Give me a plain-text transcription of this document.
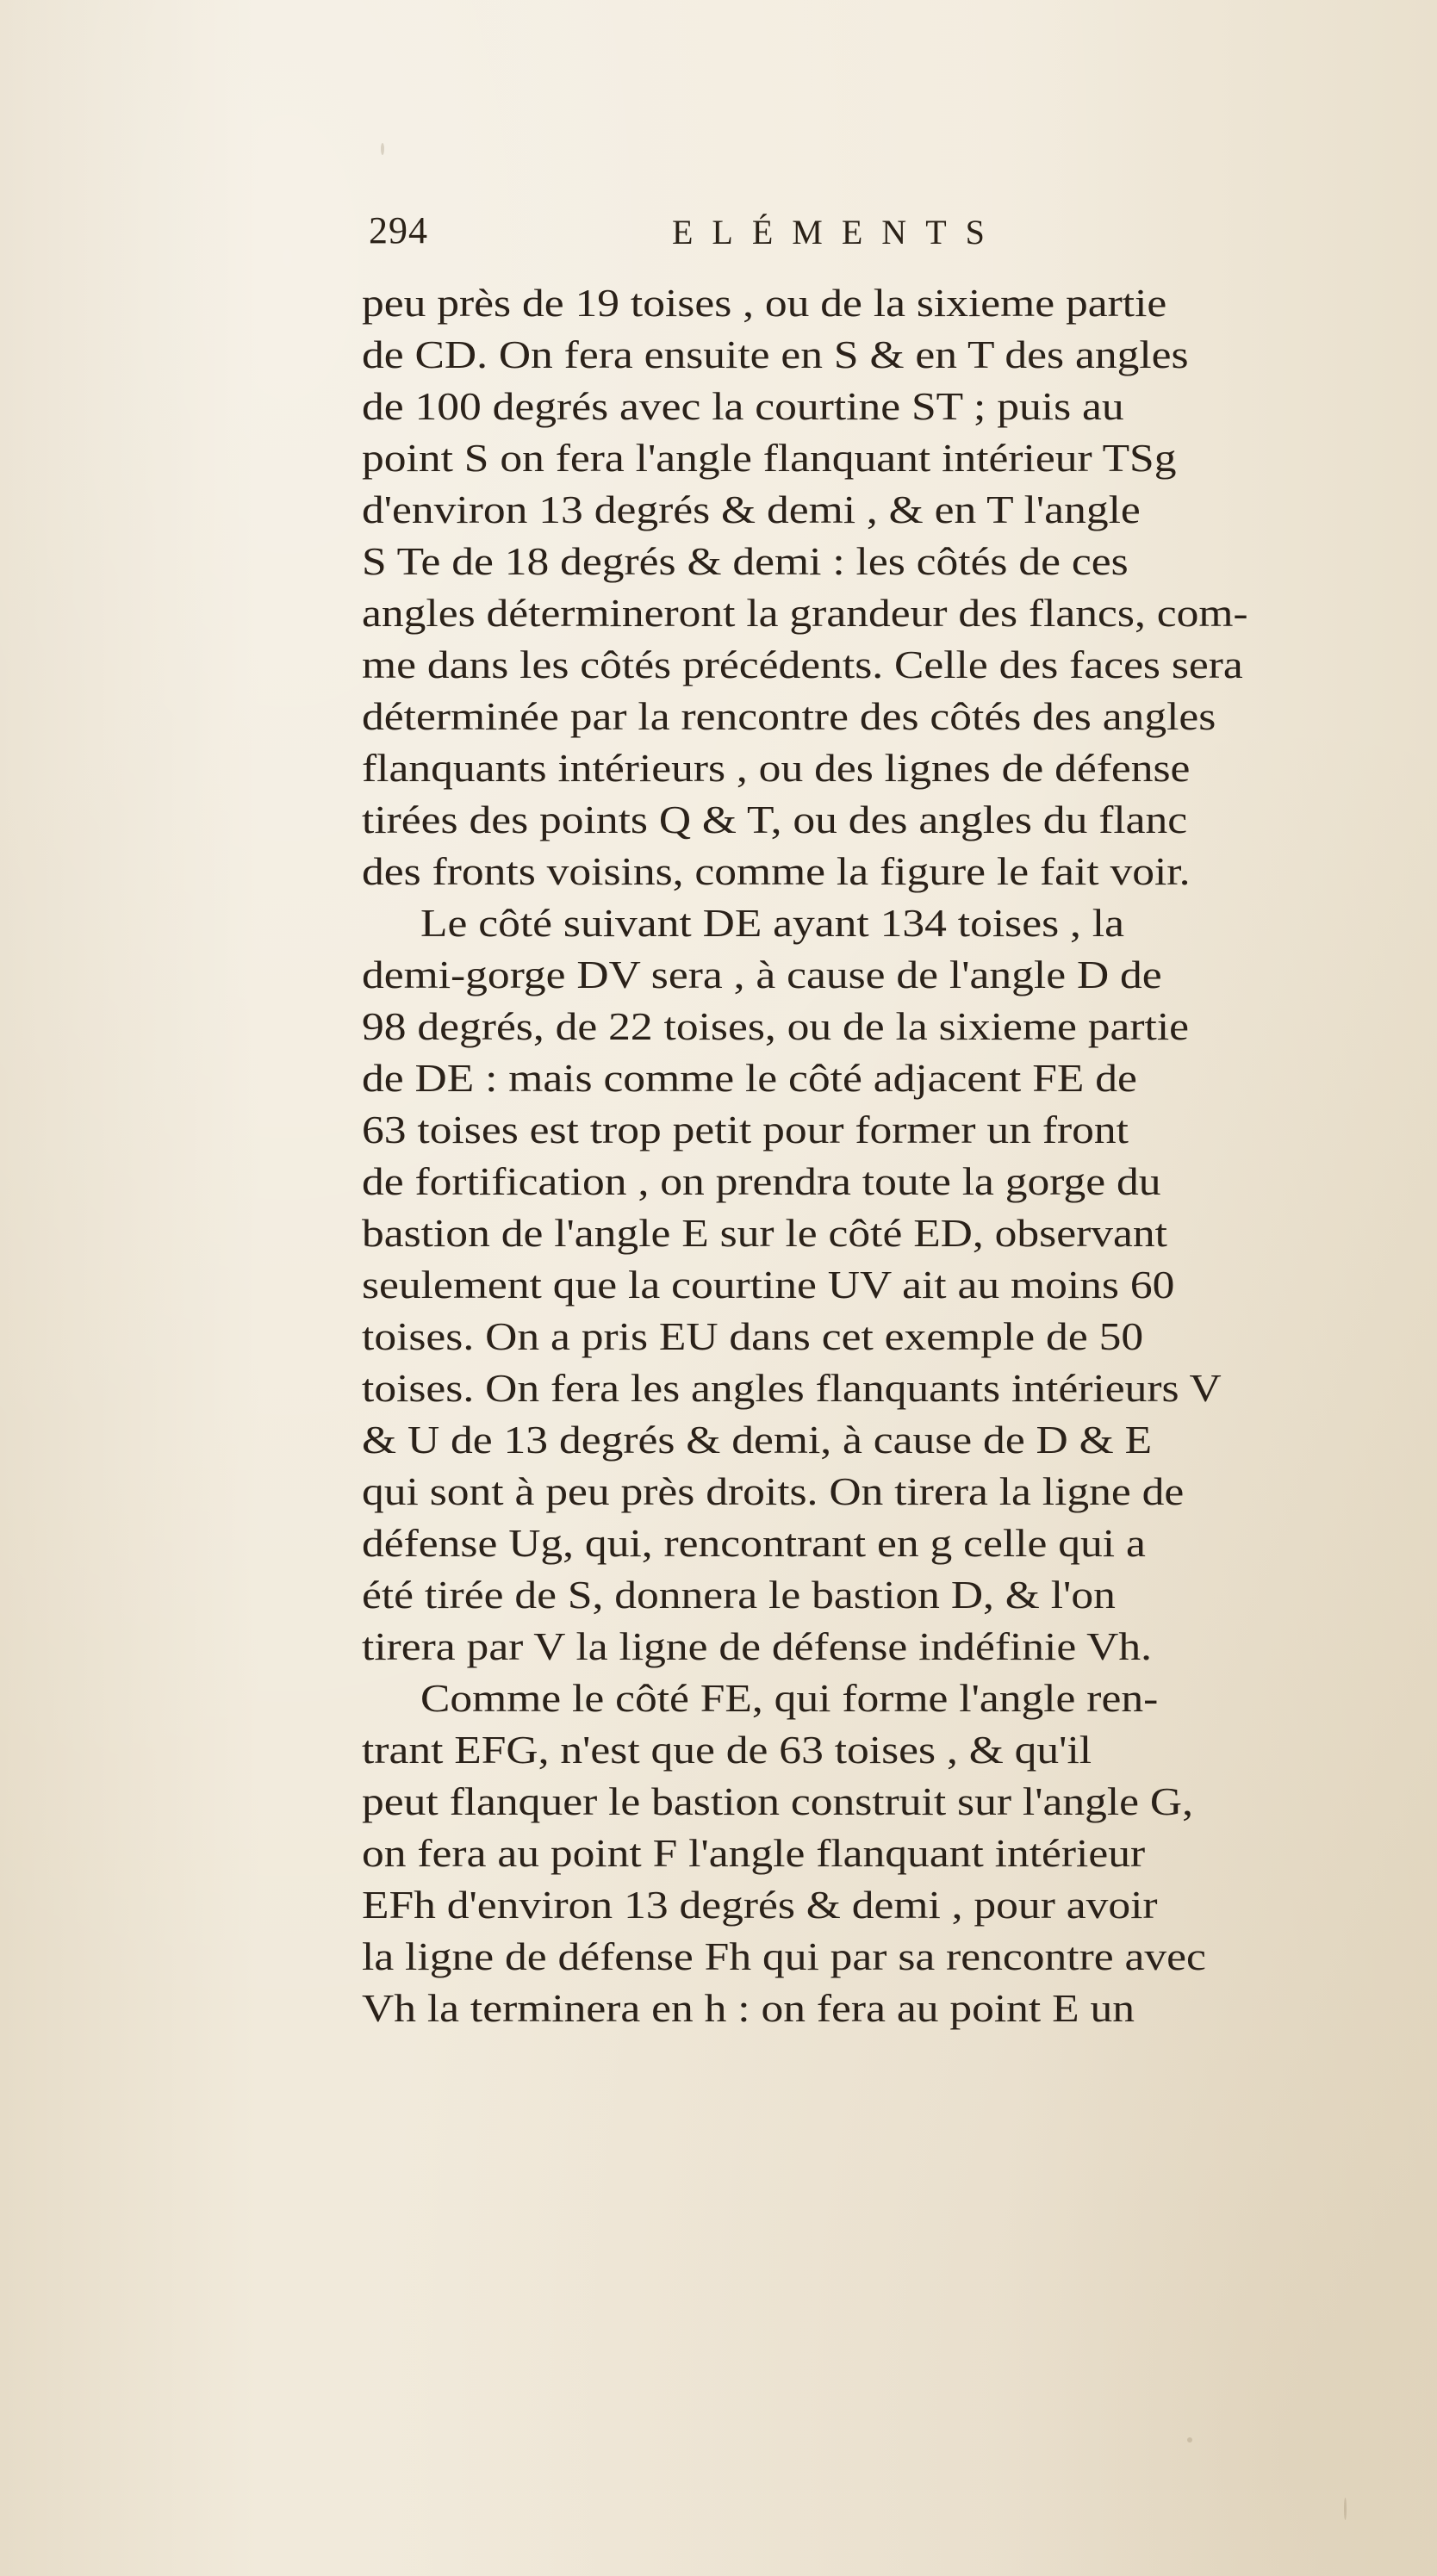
294	ELÉMENTS
peu près de 19 toises , ou de la sixieme partie
de CD. On fera ensuite en S & en T des angles
de 100 degrés avec la courtine ST ; puis au
point S on fera l'angle flanquant intérieur TSg
d'environ 13 degrés & demi , & en T l'angle
S Te de 18 degrés & demi : les côtés de ces
angles détermineront la grandeur des flancs, com-
me dans les côtés précédents. Celle des faces sera
déterminée par la rencontre des côtés des angles
flanquants intérieurs , ou des lignes de défense
tirées des points Q & T, ou des angles du flanc
des fronts voisins, comme la figure le fait voir.
Le côté suivant DE ayant 134 toises , la
demi-gorge DV sera , à cause de l'angle D de
98 degrés, de 22 toises, ou de la sixieme partie
de DE : mais comme le côté adjacent FE de
63 toises est trop petit pour former un front
de fortification , on prendra toute la gorge du
bastion de l'angle E sur le côté ED, observant
seulement que la courtine UV ait au moins 60
toises. On a pris EU dans cet exemple de 50
toises. On fera les angles flanquants intérieurs V
& U de 13 degrés & demi, à cause de D & E
qui sont à peu près droits. On tirera la ligne de
défense Ug, qui, rencontrant en g celle qui a
été tirée de S, donnera le bastion D, & l'on
tirera par V la ligne de défense indéfinie Vh.
Comme le côté FE, qui forme l'angle ren-
trant EFG, n'est que de 63 toises , & qu'il
peut flanquer le bastion construit sur l'angle G,
on fera au point F l'angle flanquant intérieur
EFh d'environ 13 degrés & demi , pour avoir
la ligne de défense Fh qui par sa rencontre avec
Vh la terminera en h : on fera au point E un
